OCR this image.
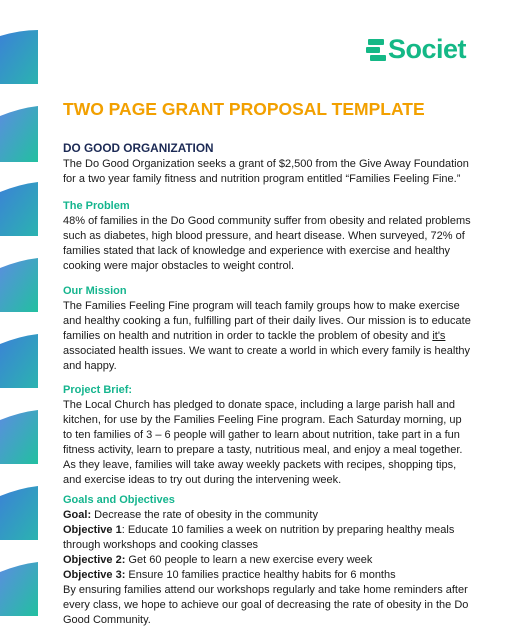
Societ
TWO PAGE GRANT PROPOSAL TEMPLATE
DO GOOD ORGANIZATION

The Do Good Organization seeks a grant of $2,500 from the Give Away Foundation for a two year family fitness and nutrition program entitled “Families Feeling Fine.”

The Problem

48% of families in the Do Good community suffer from obesity and related problems such as diabetes, high blood pressure, and heart disease. When surveyed, 72% of families stated that lack of knowledge and experience with exercise and healthy cooking were major obstacles to weight control.

Our Mission

The Families Feeling Fine program will teach family groups how to make exercise and healthy cooking a fun, fulfilling part of their daily lives. Our mission is to educate families on health and nutrition in order to tackle the problem of obesity and it's associated health issues. We want to create a world in which every family is healthy and happy.

Project Brief:

The Local Church has pledged to donate space, including a large parish hall and kitchen, for use by the Families Feeling Fine program. Each Saturday morning, up to ten families of 3 – 6 people will gather to learn about nutrition, take part in a fun fitness activity, learn to prepare a tasty, nutritious meal, and enjoy a meal together. As they leave, families will take away weekly packets with recipes, shopping tips, and exercise ideas to try out during the intervening week.

Goals and Objectives

Goal: Decrease the rate of obesity in the community

Objective 1: Educate 10 families a week on nutrition by preparing healthy meals through workshops and cooking classes

Objective 2: Get 60 people to learn a new exercise every week

Objective 3: Ensure 10 families practice healthy habits for 6 months

By ensuring families attend our workshops regularly and take home reminders after every class, we hope to achieve our goal of decreasing the rate of obesity in the Do Good Community.
